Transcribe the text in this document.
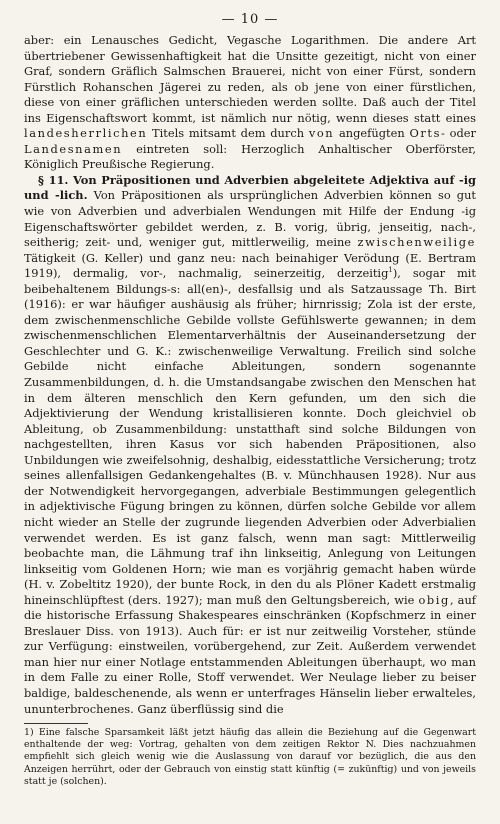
— 10 —

aber: ein Lenausches Gedicht, Vegasche Logarithmen. Die andere Art übertriebener Gewissenhaftigkeit hat die Unsitte gezeitigt, nicht von einer Graf, sondern Gräflich Salmschen Brauerei, nicht von einer Fürst, sondern Fürstlich Rohanschen Jägerei zu reden, als ob jene von einer fürstlichen, diese von einer gräflichen unterschieden werden sollte. Daß auch der Titel ins Eigenschaftswort kommt, ist nämlich nur nötig, wenn dieses statt eines landesherrlichen Titels mitsamt dem durch von angefügten Orts- oder Landesnamen eintreten soll: Herzoglich Anhaltischer Oberförster, Königlich Preußische Regierung.

§ 11. Von Präpositionen und Adverbien abgeleitete Adjektiva auf -ig und -lich. Von Präpositionen als ursprünglichen Adverbien können so gut wie von Adverbien und adverbialen Wendungen mit Hilfe der Endung -ig Eigenschaftswörter gebildet werden, z. B. vorig, übrig, jenseitig, nach-, seitherig; zeit- und, weniger gut, mittlerweilig, meine zwischenweilige Tätigkeit (G. Keller) und ganz neu: nach beinahiger Verödung (E. Bertram 1919), dermalig, vor-, nachmalig, seinerzeitig, derzeitig$^1$), sogar mit beibehaltenem Bildungs-s: all(en)-, desfallsig und als Satzaussage Th. Birt (1916): er war häufiger aushäusig als früher; hirnrissig; Zola ist der erste, dem zwischenmenschliche Gebilde vollste Gefühlswerte gewannen; in dem zwischenmenschlichen Elementarverhältnis der Auseinandersetzung der Geschlechter und G. K.: zwischenweilige Verwaltung. Freilich sind solche Gebilde nicht einfache Ableitungen, sondern sogenannte Zusammenbildungen, d. h. die Umstandsangabe zwischen den Menschen hat in dem älteren menschlich den Kern gefunden, um den sich die Adjektivierung der Wendung kristallisieren konnte. Doch gleichviel ob Ableitung, ob Zusammenbildung: unstatthaft sind solche Bildungen von nachgestellten, ihren Kasus vor sich habenden Präpositionen, also Unbildungen wie zweifelsohnig, deshalbig, eidesstattliche Versicherung; trotz seines allenfallsigen Gedankengehaltes (B. v. Münchhausen 1928). Nur aus der Notwendigkeit hervorgegangen, adverbiale Bestimmungen gelegentlich in adjektivische Fügung bringen zu können, dürfen solche Gebilde vor allem nicht wieder an Stelle der zugrunde liegenden Adverbien oder Adverbialien verwendet werden. Es ist ganz falsch, wenn man sagt: Mittlerweilig beobachte man, die Lähmung traf ihn linkseitig, Anlegung von Leitungen linkseitig vom Goldenen Horn; wie man es vorjährig gemacht haben würde (H. v. Zobeltitz 1920), der bunte Rock, in den du als Plöner Kadett erstmalig hineinschlüpftest (ders. 1927); man muß den Geltungsbereich, wie obig, auf die historische Erfassung Shakespeares einschränken (Kopfschmerz in einer Breslauer Diss. von 1913). Auch für: er ist nur zeitweilig Vorsteher, stünde zur Verfügung: einstweilen, vorübergehend, zur Zeit. Außerdem verwendet man hier nur einer Notlage entstammenden Ableitungen überhaupt, wo man in dem Falle zu einer Rolle, Stoff verwendet. Wer Neulage lieber zu beiser baldige, baldeschenende, als wenn er unterfrages Hänselin lieber erwalteles, ununterbrochenes. Ganz überflüssig sind die

1) Eine falsche Sparsamkeit läßt jetzt häufig das allein die Beziehung auf die Gegenwart enthaltende der weg: Vortrag, gehalten von dem zeitigen Rektor N. Dies nachzuahmen empfiehlt sich gleich wenig wie die Auslassung von darauf vor bezüglich, die aus den Anzeigen herrührt, oder der Gebrauch von einstig statt künftig (= zukünftig) und von jeweils statt je (solchen).
